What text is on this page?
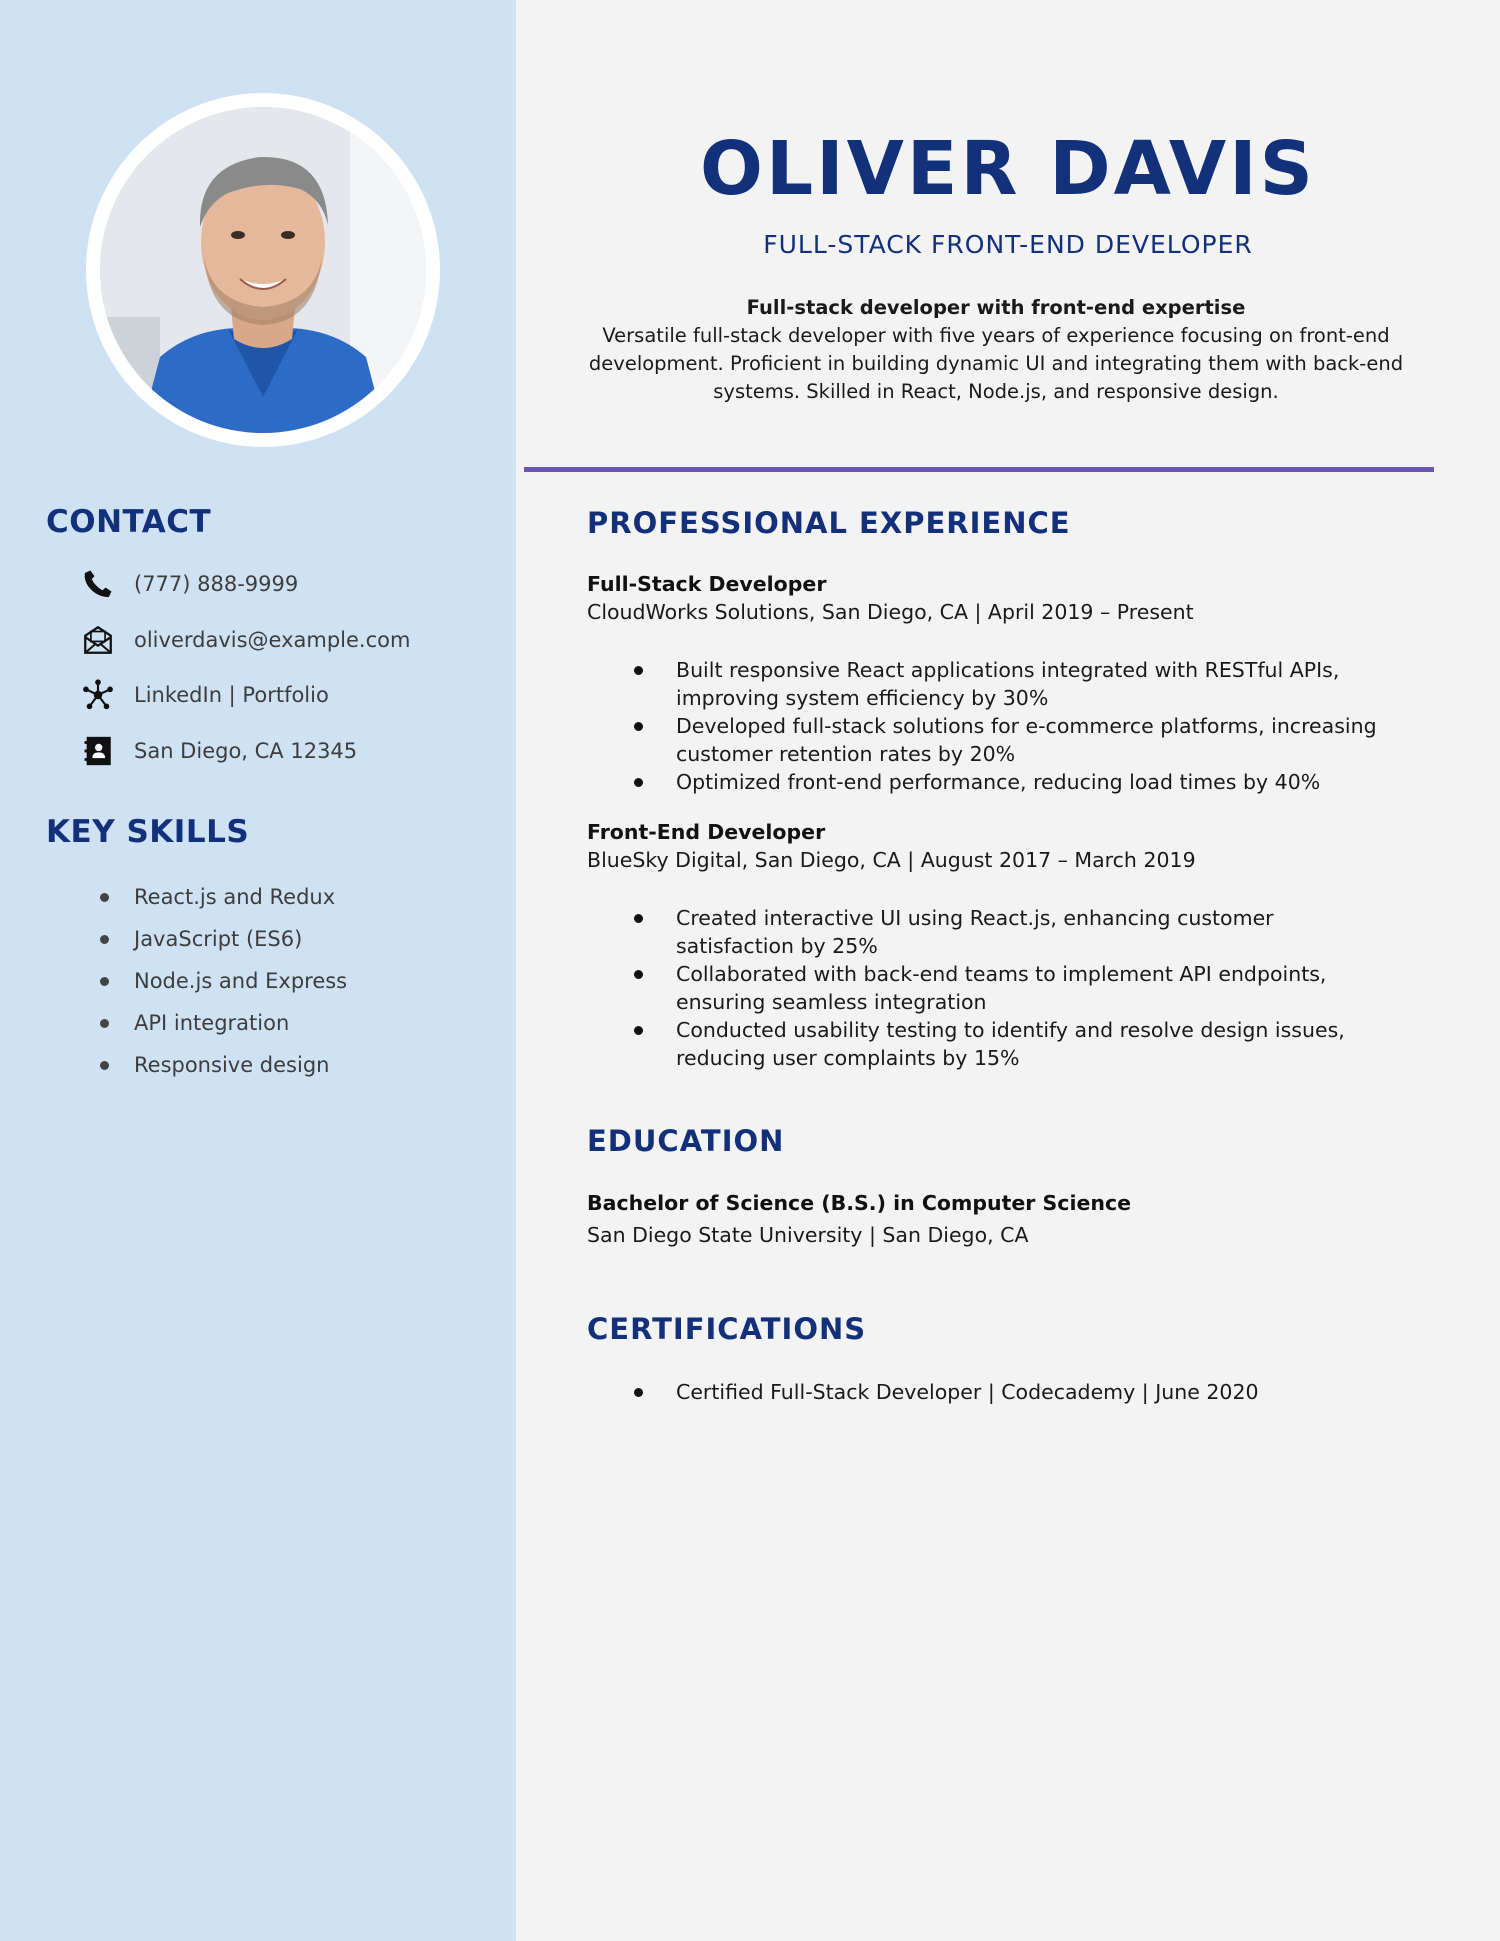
CONTACT
(777) 888-9999
oliverdavis@example.com
LinkedIn | Portfolio
San Diego, CA 12345
KEY SKILLS
React.js and Redux
JavaScript (ES6)
Node.js and Express
API integration
Responsive design
OLIVER DAVIS
FULL-STACK FRONT-END DEVELOPER
Full-stack developer with front-end expertise
Versatile full-stack developer with five years of experience focusing on front-end development. Proficient in building dynamic UI and integrating them with back-end systems. Skilled in React, Node.js, and responsive design.
PROFESSIONAL EXPERIENCE
Full-Stack Developer
CloudWorks Solutions, San Diego, CA | April 2019 – Present
Built responsive React applications integrated with RESTful APIs, improving system efficiency by 30%
Developed full-stack solutions for e-commerce platforms, increasing customer retention rates by 20%
Optimized front-end performance, reducing load times by 40%
Front-End Developer
BlueSky Digital, San Diego, CA | August 2017 – March 2019
Created interactive UI using React.js, enhancing customer satisfaction by 25%
Collaborated with back-end teams to implement API endpoints, ensuring seamless integration
Conducted usability testing to identify and resolve design issues, reducing user complaints by 15%
EDUCATION
Bachelor of Science (B.S.) in Computer Science
San Diego State University | San Diego, CA
CERTIFICATIONS
Certified Full-Stack Developer | Codecademy | June 2020
